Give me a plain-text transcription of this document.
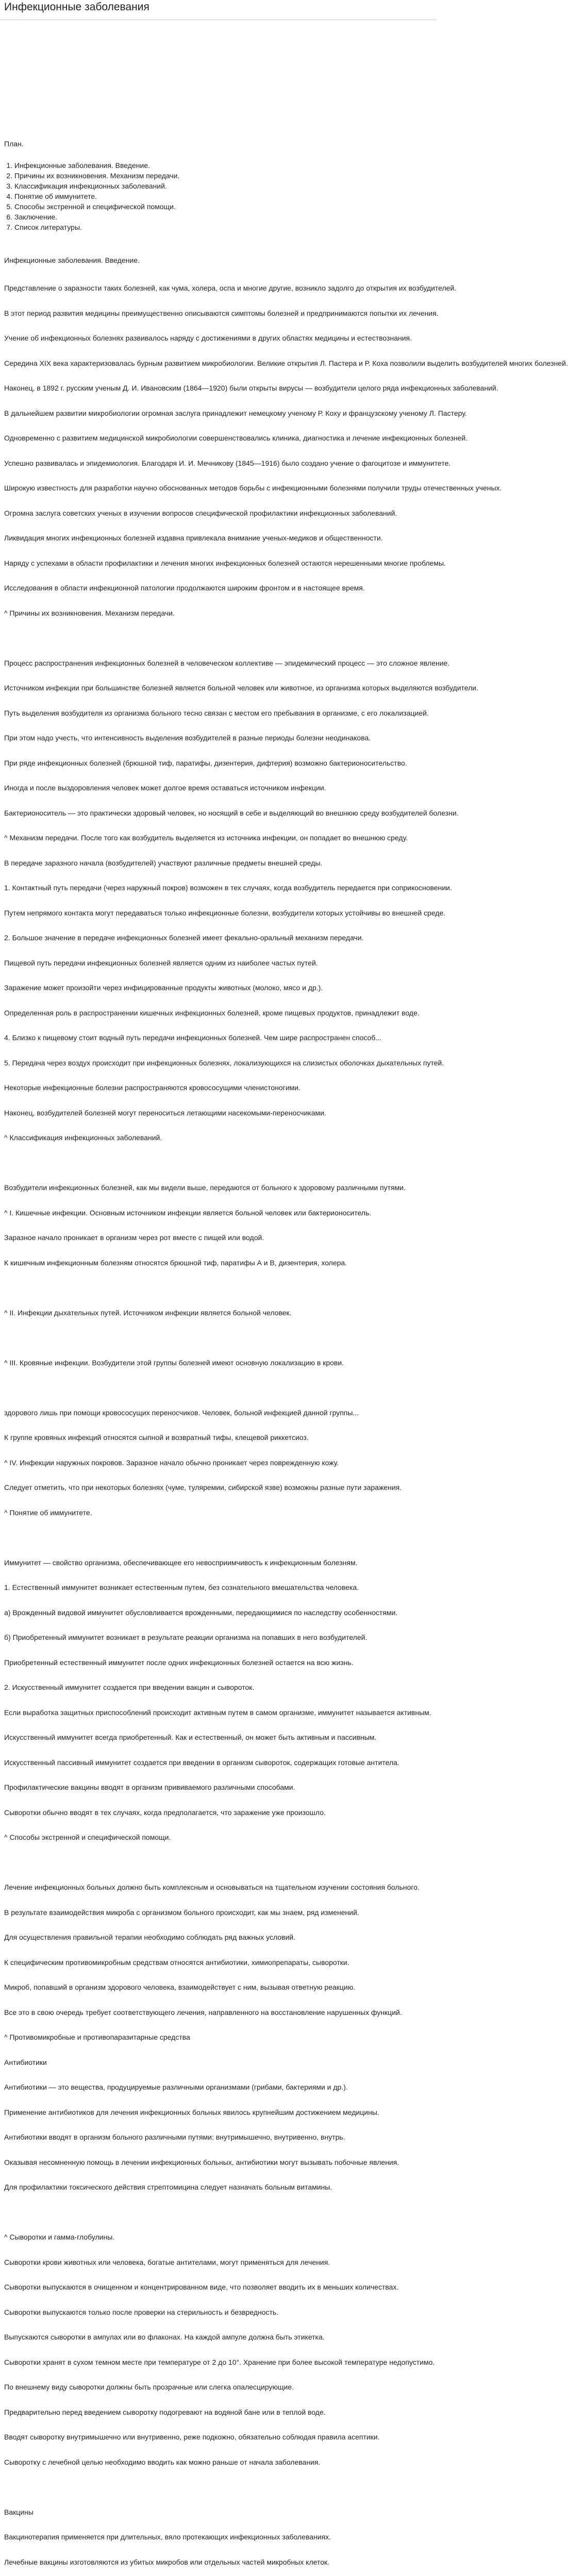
Инфекционные заболевания
План.
1. Инфекционные заболевания. Введение.
2. Причины их возникновения. Механизм передачи.
3. Классификация инфекционных заболеваний.
4. Понятие об иммунитете.
5. Способы экстренной и специфической помощи.
6. Заключение.
7. Список литературы.
Инфекционные заболевания. Введение.
Представление о заразности таких болезней, как чума, холера, оспа и многие другие, возникло задолго до открытия их возбудителей.
В этот период развития медицины преимущественно описываются симптомы болезней и предпринимаются попытки их лечения.
Учение об инфекционных болезнях развивалось наряду с достижениями в других областях медицины и естествознания.
Середина XIX века характеризовалась бурным развитием микробиологии. Великие открытия Л. Пастера и Р. Коха позволили выделить возбудителей многих болезней.
Наконец, в 1892 г. русским ученым Д. И. Ивановским (1864—1920) были открыты вирусы — возбудители целого ряда инфекционных заболеваний.
В дальнейшем развитии микробиологии огромная заслуга принадлежит немецкому ученому Р. Коху и французскому ученому Л. Пастеру.
Одновременно с развитием медицинской микробиологии совершенствовались клиника, диагностика и лечение инфекционных болезней.
Успешно развивалась и эпидемиология. Благодаря И. И. Мечникову (1845—1916) было создано учение о фагоцитозе и иммунитете.
Широкую известность для разработки научно обоснованных методов борьбы с инфекционными болезнями получили труды отечественных ученых.
Огромна заслуга советских ученых в изучении вопросов специфической профилактики инфекционных заболеваний.
Ликвидация многих инфекционных болезней издавна привлекала внимание ученых-медиков и общественности.
Наряду с успехами в области профилактики и лечения многих инфекционных болезней остаются нерешенными многие проблемы.
Исследования в области инфекционной патологии продолжаются широким фронтом и в настоящее время.
^ Причины их возникновения. Механизм передачи.
Процесс распространения инфекционных болезней в человеческом коллективе — эпидемический процесс — это сложное явление.
Источником инфекции при большинстве болезней является больной человек или животное, из организма которых выделяются возбудители.
Путь выделения возбудителя из организма больного тесно связан с местом его пребывания в организме, с его локализацией.
При этом надо учесть, что интенсивность выделения возбудителей в разные периоды болезни неодинакова.
При ряде инфекционных болезней (брюшной тиф, паратифы, дизентерия, дифтерия) возможно бактерионосительство.
Иногда и после выздоровления человек может долгое время оставаться источником инфекции.
Бактерионоситель — это практически здоровый человек, но носящий в себе и выделяющий во внешнюю среду возбудителей болезни.
^ Механизм передачи. После того как возбудитель выделяется из источника инфекции, он попадает во внешнюю среду.
В передаче заразного начала (возбудителей) участвуют различные предметы внешней среды.
1. Контактный путь передачи (через наружный покров) возможен в тех случаях, когда возбудитель передается при соприкосновении.
Путем непрямого контакта могут передаваться только инфекционные болезни, возбудители которых устойчивы во внешней среде.
2. Большое значение в передаче инфекционных болезней имеет фекально-оральный механизм передачи.
Пищевой путь передачи инфекционных болезней является одним из наиболее частых путей.
Заражение может произойти через инфицированные продукты животных (молоко, мясо и др.).
Определенная роль в распространении кишечных инфекционных болезней, кроме пищевых продуктов, принадлежит воде.
4. Близко к пищевому стоит водный путь передачи инфекционных болезней. Чем шире распространен способ...
5. Передача через воздух происходит при инфекционных болезнях, локализующихся на слизистых оболочках дыхательных путей.
Некоторые инфекционные болезни распространяются кровососущими членистоногими.
Наконец, возбудителей болезней могут переноситься летающими насекомыми-переносчиками.
^ Классификация инфекционных заболеваний.
Возбудители инфекционных болезней, как мы видели выше, передаются от больного к здоровому различными путями.
^ I. Кишечные инфекции. Основным источником инфекции является больной человек или бактерионоситель.
Заразное начало проникает в организм через рот вместе с пищей или водой.
К кишечным инфекционным болезням относятся брюшной тиф, паратифы А и В, дизентерия, холера.
^ II. Инфекции дыхательных путей. Источником инфекции является больной человек.
^ III. Кровяные инфекции. Возбудители этой группы болезней имеют основную локализацию в крови.
здорового лишь при помощи кровососущих переносчиков. Человек, больной инфекцией данной группы...
К группе кровяных инфекций относятся сыпной и возвратный тифы, клещевой риккетсиоз.
^ IV. Инфекции наружных покровов. Заразное начало обычно проникает через поврежденную кожу.
Следует отметить, что при некоторых болезнях (чуме, туляремии, сибирской язве) возможны разные пути заражения.
^ Понятие об иммунитете.
Иммунитет — свойство организма, обеспечивающее его невосприимчивость к инфекционным болезням.
1. Естественный иммунитет возникает естественным путем, без сознательного вмешательства человека.
а) Врожденный видовой иммунитет обусловливается врожденными, передающимися по наследству особенностями.
б) Приобретенный иммунитет возникает в результате реакции организма на попавших в него возбудителей.
Приобретенный естественный иммунитет после одних инфекционных болезней остается на всю жизнь.
2. Искусственный иммунитет создается при введении вакцин и сывороток.
Если выработка защитных приспособлений происходит активным путем в самом организме, иммунитет называется активным.
Искусственный иммунитет всегда приобретенный. Как и естественный, он может быть активным и пассивным.
Искусственный пассивный иммунитет создается при введении в организм сывороток, содержащих готовые антитела.
Профилактические вакцины вводят в организм прививаемого различными способами.
Сыворотки обычно вводят в тех случаях, когда предполагается, что заражение уже произошло.
^ Способы экстренной и специфической помощи.
Лечение инфекционных больных должно быть комплексным и основываться на тщательном изучении состояния больного.
В результате взаимодействия микроба с организмом больного происходит, как мы знаем, ряд изменений.
Для осуществления правильной терапии необходимо соблюдать ряд важных условий.
К специфическим противомикробным средствам относятся антибиотики, химиопрепараты, сыворотки.
Микроб, попавший в организм здорового человека, взаимодействует с ним, вызывая ответную реакцию.
Все это в свою очередь требует соответствующего лечения, направленного на восстановление нарушенных функций.
^ Противомикробные и противопаразитарные средства
Антибиотики
Антибиотики — это вещества, продуцируемые различными организмами (грибами, бактериями и др.).
Применение антибиотиков для лечения инфекционных больных явилось крупнейшим достижением медицины.
Антибиотики вводят в организм больного различными путями: внутримышечно, внутривенно, внутрь.
Оказывая несомненную помощь в лечении инфекционных больных, антибиотики могут вызывать побочные явления.
Для профилактики токсического действия стрептомицина следует назначать больным витамины.
^ Сыворотки и гамма-глобулины.
Сыворотки крови животных или человека, богатые антителами, могут применяться для лечения.
Сыворотки выпускаются в очищенном и концентрированном виде, что позволяет вводить их в меньших количествах.
Сыворотки выпускаются только после проверки на стерильность и безвредность.
Выпускаются сыворотки в ампулах или во флаконах. На каждой ампуле должна быть этикетка.
Сыворотки хранят в сухом темном месте при температуре от 2 до 10°. Хранение при более высокой температуре недопустимо.
По внешнему виду сыворотки должны быть прозрачные или слегка опалесцирующие.
Предварительно перед введением сыворотку подогревают на водяной бане или в теплой воде.
Вводят сыворотку внутримышечно или внутривенно, реже подкожно, обязательно соблюдая правила асептики.
Сыворотку с лечебной целью необходимо вводить как можно раньше от начала заболевания.
Вакцины
Вакцинотерапия применяется при длительных, вяло протекающих инфекционных заболеваниях.
Лечебные вакцины изготовляются из убитых микробов или отдельных частей микробных клеток.
